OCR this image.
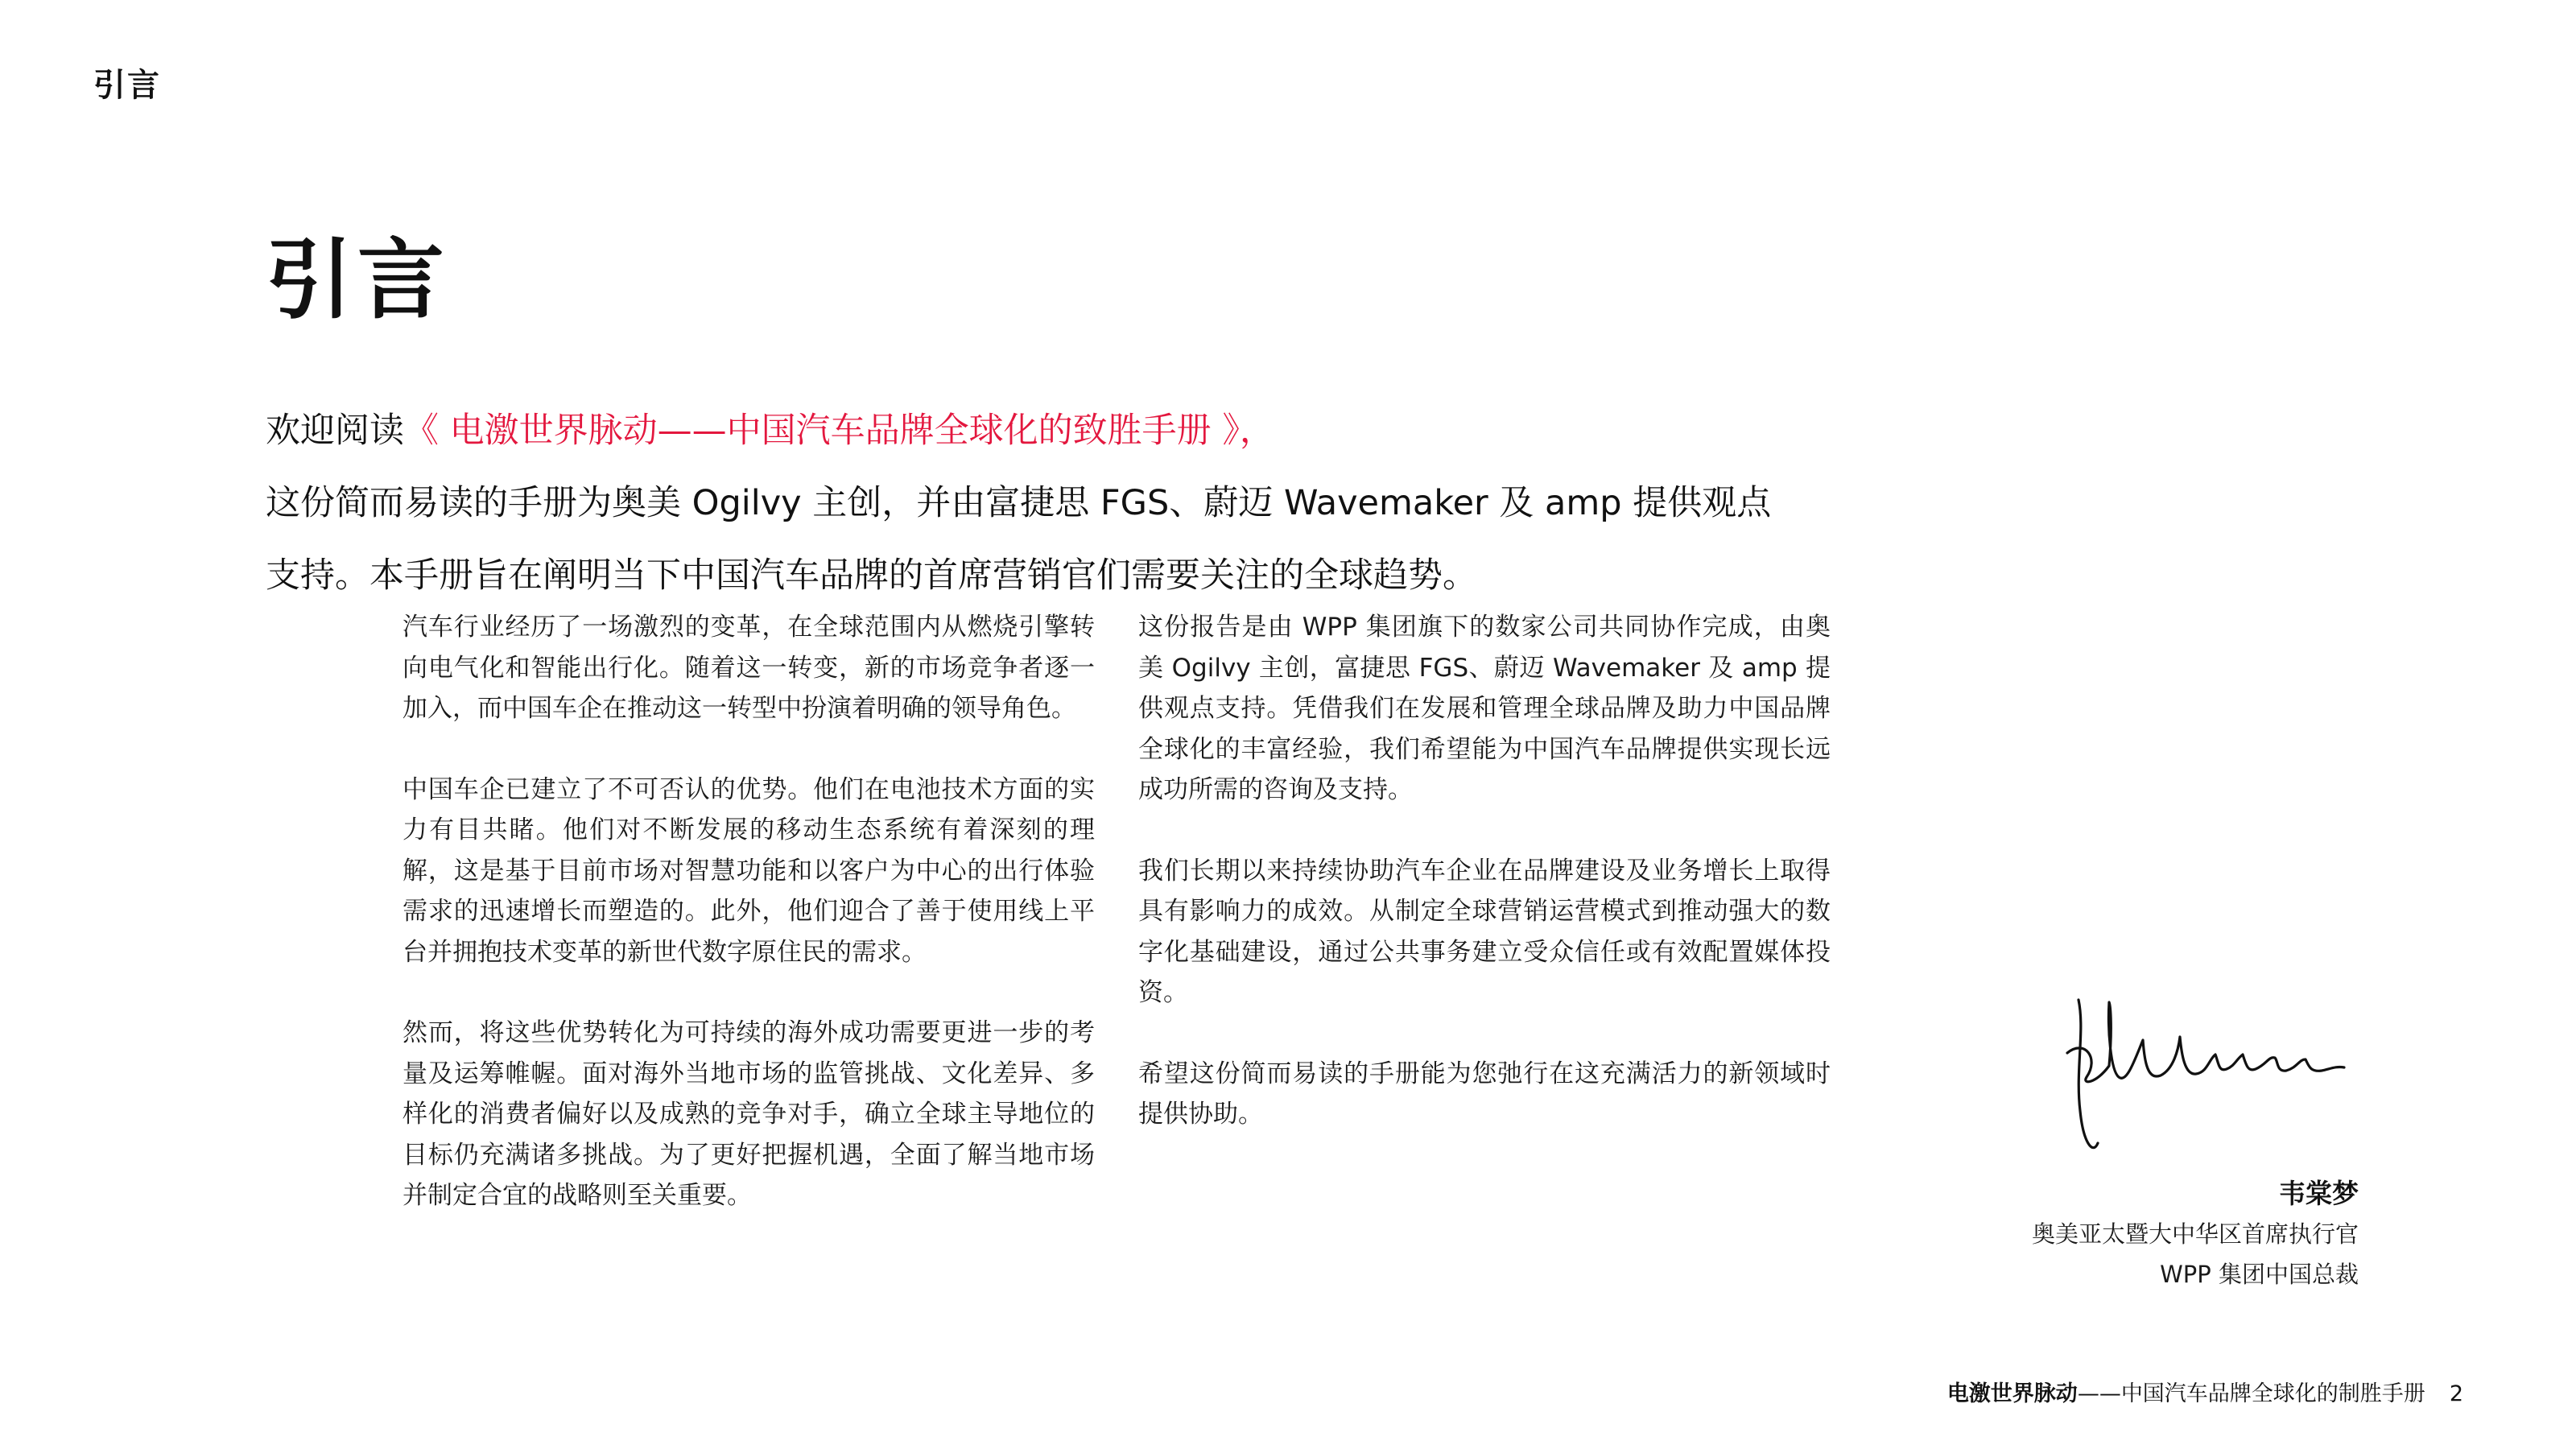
引言
引言
欢迎阅读《 电激世界脉动——中国汽车品牌全球化的致胜手册 》，
这份简而易读的手册为奥美 Ogilvy 主创，并由富捷思 FGS、蔚迈 Wavemaker 及 amp 提供观点
支持。本手册旨在阐明当下中国汽车品牌的首席营销官们需要关注的全球趋势。

汽车行业经历了一场激烈的变革，在全球范围内从燃烧引擎转向电气化和智能出行化。随着这一转变，新的市场竞争者逐一加入，而中国车企在推动这一转型中扮演着明确的领导角色。

中国车企已建立了不可否认的优势。他们在电池技术方面的实力有目共睹。他们对不断发展的移动生态系统有着深刻的理解，这是基于目前市场对智慧功能和以客户为中心的出行体验需求的迅速增长而塑造的。此外，他们迎合了善于使用线上平台并拥抱技术变革的新世代数字原住民的需求。

然而，将这些优势转化为可持续的海外成功需要更进一步的考量及运筹帷幄。面对海外当地市场的监管挑战、文化差异、多样化的消费者偏好以及成熟的竞争对手，确立全球主导地位的目标仍充满诸多挑战。为了更好把握机遇，全面了解当地市场并制定合宜的战略则至关重要。

这份报告是由 WPP 集团旗下的数家公司共同协作完成，由奥美 Ogilvy 主创，富捷思 FGS、蔚迈 Wavemaker 及 amp 提供观点支持。凭借我们在发展和管理全球品牌及助力中国品牌全球化的丰富经验，我们希望能为中国汽车品牌提供实现长远成功所需的咨询及支持。

我们长期以来持续协助汽车企业在品牌建设及业务增长上取得具有影响力的成效。从制定全球营销运营模式到推动强大的数字化基础建设，通过公共事务建立受众信任或有效配置媒体投资。

希望这份简而易读的手册能为您弛行在这充满活力的新领域时提供协助。

韦棠梦
奥美亚太暨大中华区首席执行官
WPP 集团中国总裁
电激世界脉动——中国汽车品牌全球化的制胜手册 2
